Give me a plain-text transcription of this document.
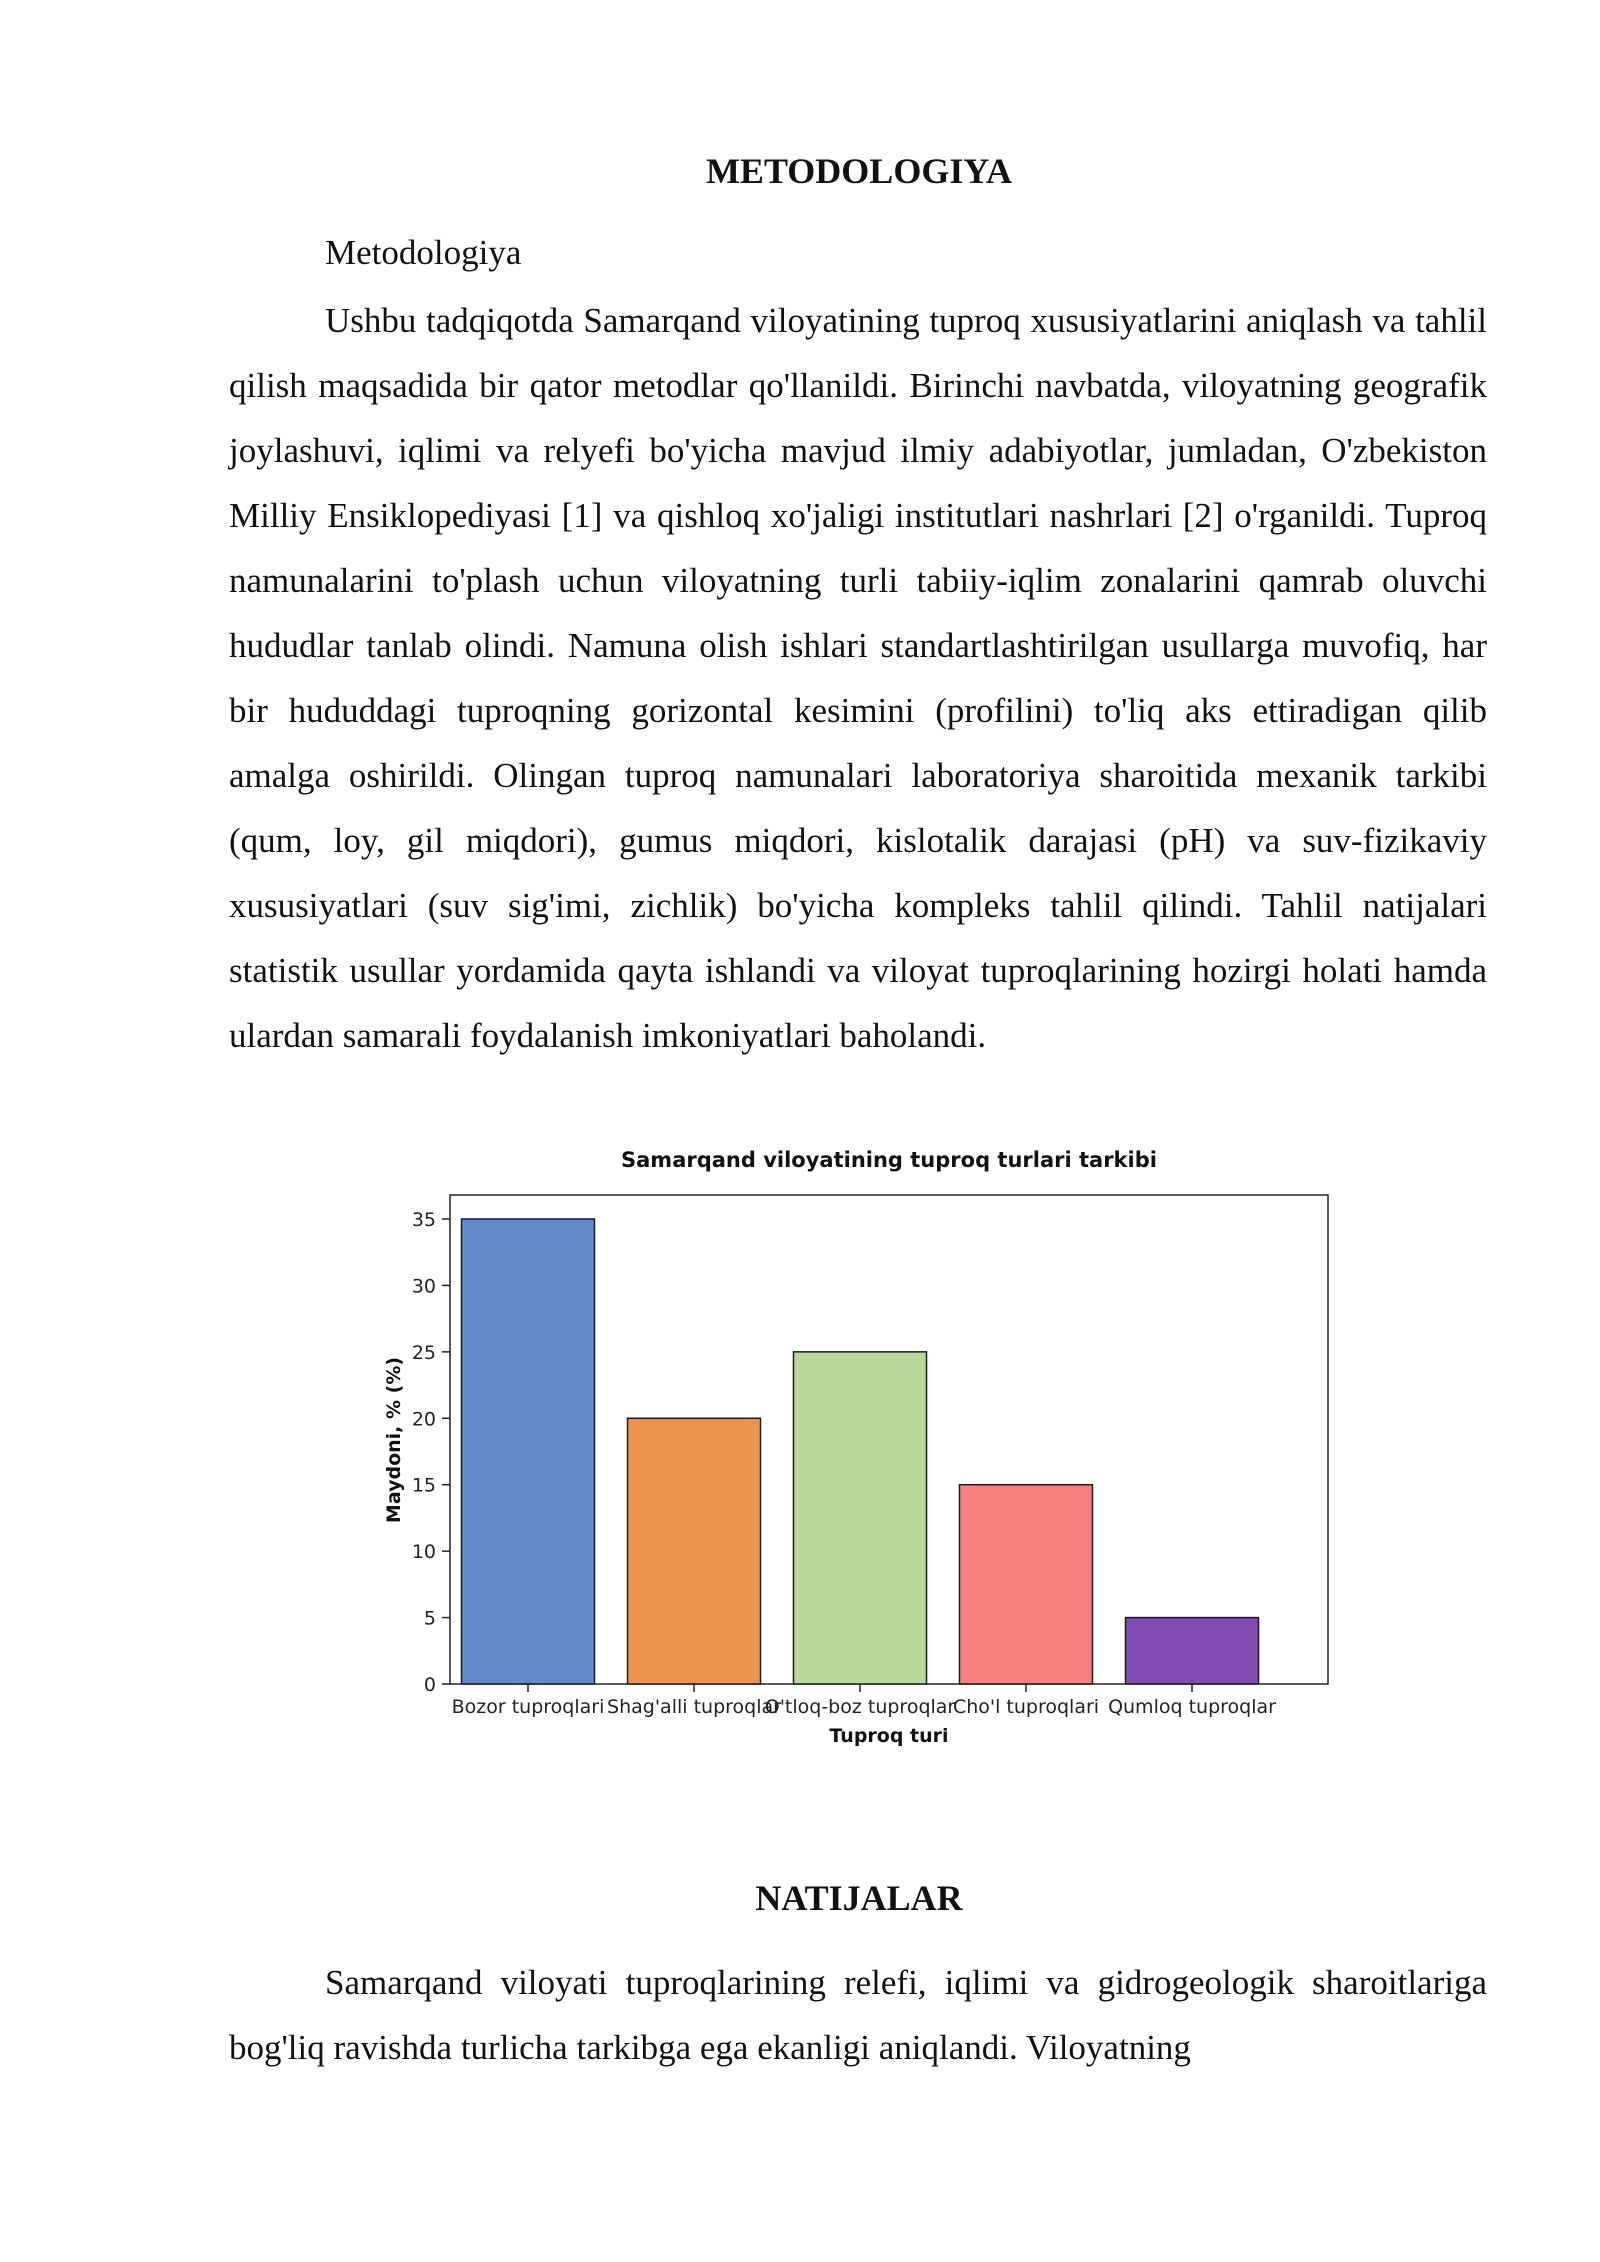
METODOLOGIYA
Metodologiya

Ushbu tadqiqotda Samarqand viloyatining tuproq xususiyatlarini aniqlash va tahlil qilish maqsadida bir qator metodlar qo'llanildi. Birinchi navbatda, viloyatning geografik joylashuvi, iqlimi va relyefi bo'yicha mavjud ilmiy adabiyotlar, jumladan, O'zbekiston Milliy Ensiklopediyasi [1] va qishloq xo'jaligi institutlari nashrlari [2] o'rganildi. Tuproq namunalarini to'plash uchun viloyatning turli tabiiy-iqlim zonalarini qamrab oluvchi hududlar tanlab olindi. Namuna olish ishlari standartlashtirilgan usullarga muvofiq, har bir hududdagi tuproqning gorizontal kesimini (profilini) to'liq aks ettiradigan qilib amalga oshirildi. Olingan tuproq namunalari laboratoriya sharoitida mexanik tarkibi (qum, loy, gil miqdori), gumus miqdori, kislotalik darajasi (pH) va suv-fizikaviy xususiyatlari (suv sig'imi, zichlik) bo'yicha kompleks tahlil qilindi. Tahlil natijalari statistik usullar yordamida qayta ishlandi va viloyat tuproqlarining hozirgi holati hamda ulardan samarali foydalanish imkoniyatlari baholandi.

Samarqand viloyatining tuproq turlari tarkibi
0
5
10
15
20
25
30
35
Bozor tuproqlari Shag'alli tuproqlar
O'tloq-boz tuproqlar
Cho'l tuproqlari Qumloq tuproqlar
Maydoni, % (%)
Tuproq turi
NATIJALAR

Samarqand viloyati tuproqlarining relefi, iqlimi va gidrogeologik sharoitlariga bog'liq ravishda turlicha tarkibga ega ekanligi aniqlandi. Viloyatning
